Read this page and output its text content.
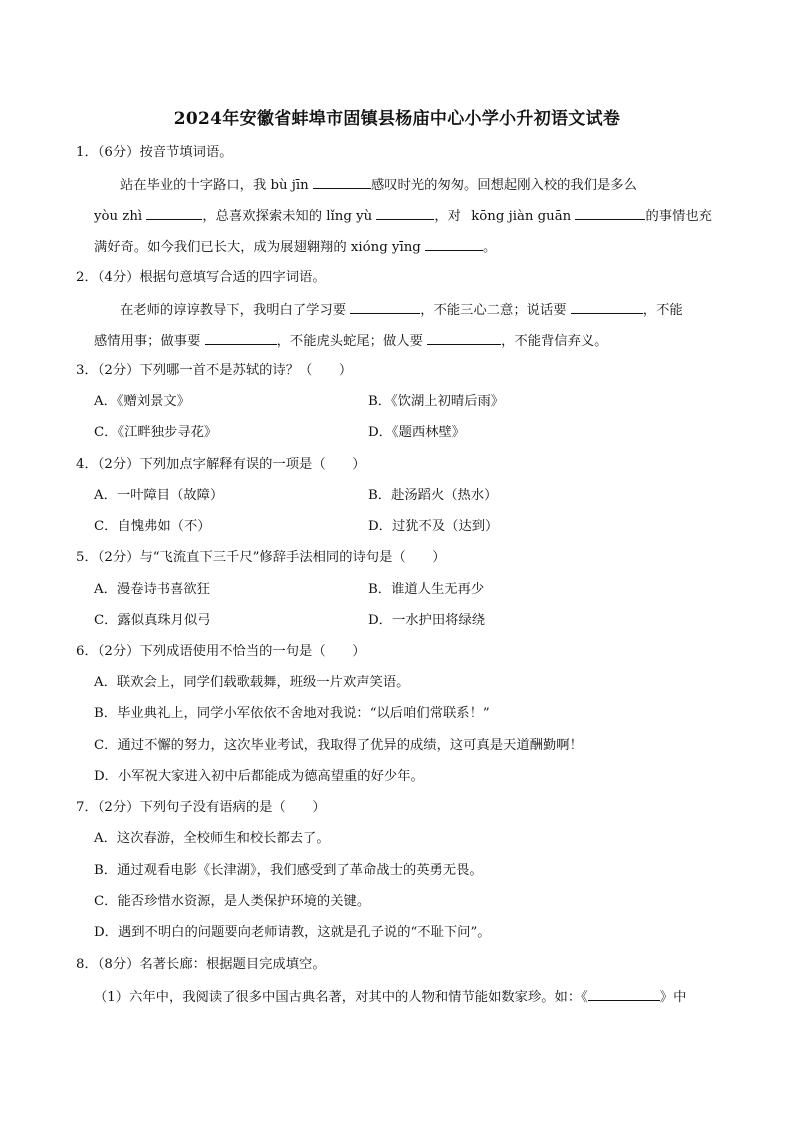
2024年安徽省蚌埠市固镇县杨庙中心小学小升初语文试卷
1．（6分）按音节填词语。
站在毕业的十字路口，我 bù jīn	感叹时光的匆匆。回想起刚入校的我们是多么
yòu zhì	，总喜欢探索未知的 lǐng yù	，对 kōng jiàn guān	的事情也充
满好奇。如今我们已长大，成为展翅翱翔的 xióng yīng	。
2．（4分）根据句意填写合适的四字词语。
在老师的谆谆教导下，我明白了学习要	，不能三心二意；说话要	，不能
感情用事；做事要	，不能虎头蛇尾；做人要	，不能背信弃义。
3．（2分）下列哪一首不是苏轼的诗？（　　）
A．《赠刘景文》	B．《饮湖上初晴后雨》
C．《江畔独步寻花》	D．《题西林壁》
4．（2分）下列加点字解释有误的一项是（　　）
A．一叶障目（故障）	B．赴汤蹈火（热水）
C．自愧弗如（不）	D．过犹不及（达到）
5．（2分）与“飞流直下三千尺”修辞手法相同的诗句是（　　）
A．漫卷诗书喜欲狂	B．谁道人生无再少
C．露似真珠月似弓	D．一水护田将绿绕
6．（2分）下列成语使用不恰当的一句是（　　）
A．联欢会上，同学们载歌载舞，班级一片欢声笑语。
B．毕业典礼上，同学小军依依不舍地对我说：“以后咱们常联系！”
C．通过不懈的努力，这次毕业考试，我取得了优异的成绩，这可真是天道酬勤啊！
D．小军祝大家进入初中后都能成为德高望重的好少年。
7．（2分）下列句子没有语病的是（　　）
A．这次春游，全校师生和校长都去了。
B．通过观看电影《长津湖》，我们感受到了革命战士的英勇无畏。
C．能否珍惜水资源，是人类保护环境的关键。
D．遇到不明白的问题要向老师请教，这就是孔子说的“不耻下问”。
8．（8分）名著长廊：根据题目完成填空。
（1）六年中，我阅读了很多中国古典名著，对其中的人物和情节能如数家珍。如：《	》中
